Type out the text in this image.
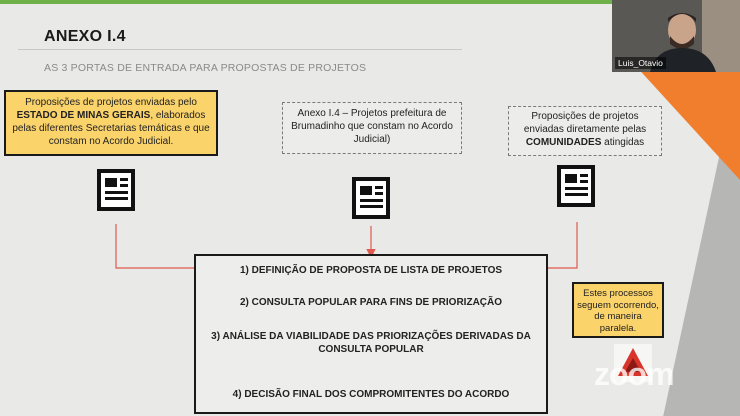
ANEXO I.4
AS 3 PORTAS DE ENTRADA PARA PROPOSTAS DE PROJETOS
Proposições de projetos enviadas pelo
ESTADO DE MINAS GERAIS, elaborados pelas diferentes Secretarias temáticas e que constam no Acordo Judicial.
Anexo I.4 – Projetos prefeitura de Brumadinho que constam no Acordo Judicial)
Proposições de projetos enviadas diretamente pelas
COMUNIDADES atingidas
1) DEFINIÇÃO DE PROPOSTA DE LISTA DE PROJETOS
2) CONSULTA POPULAR PARA FINS DE PRIORIZAÇÃO
3) ANÁLISE DA VIABILIDADE DAS PRIORIZAÇÕES DERIVADAS DA CONSULTA POPULAR
4) DECISÃO FINAL DOS COMPROMITENTES DO ACORDO
Estes processos seguem ocorrendo, de maneira paralela.
zoom
Luis_Otavio
